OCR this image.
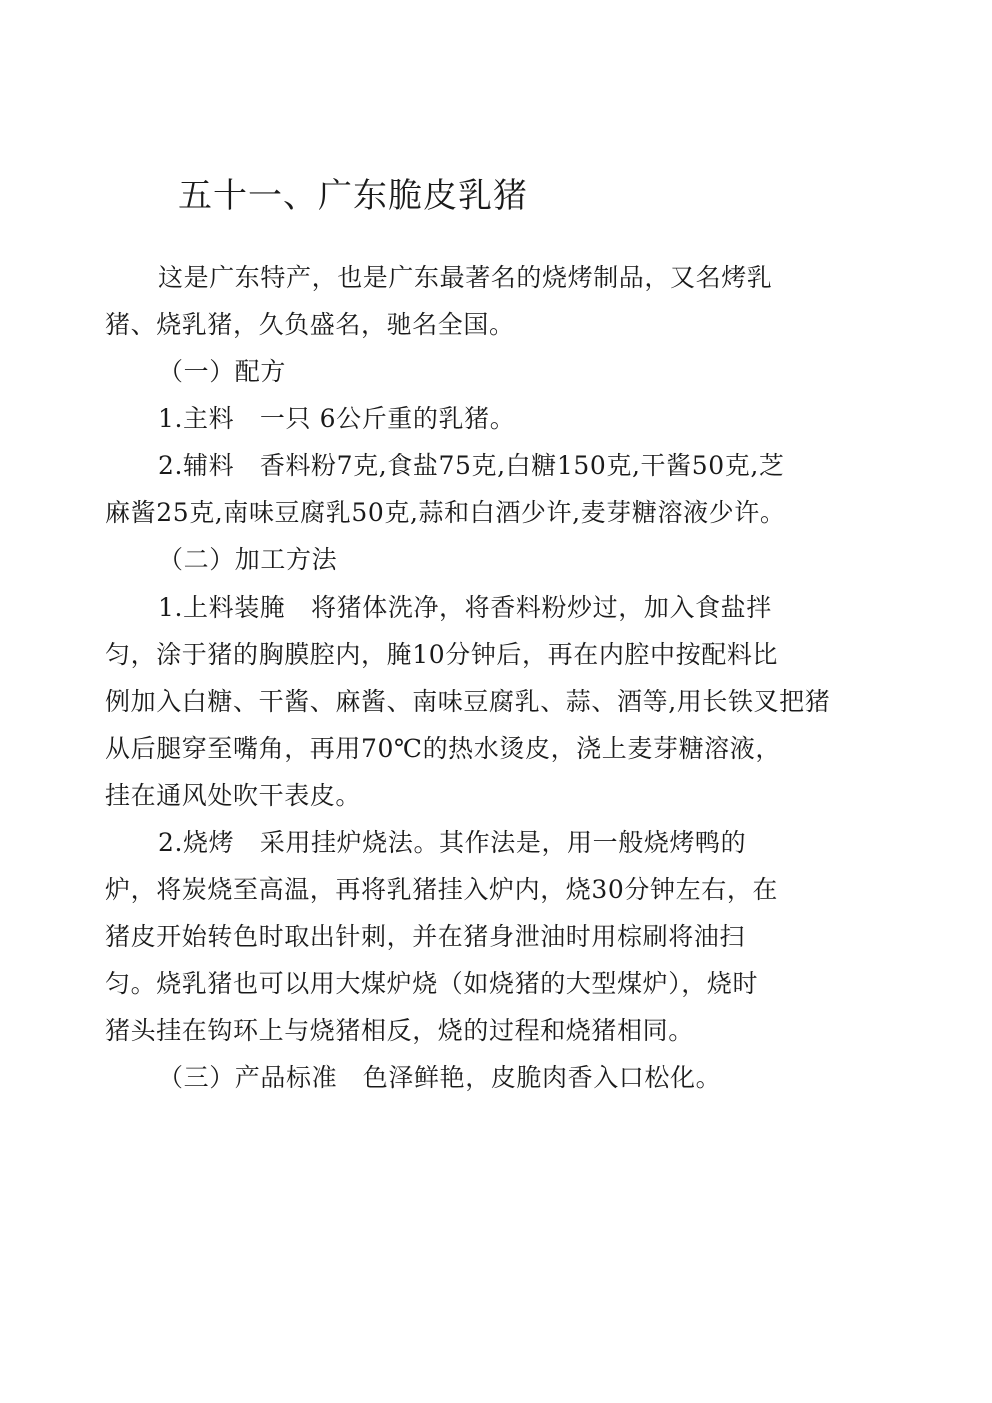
五十一、广东脆皮乳猪

这是广东特产，也是广东最著名的烧烤制品，又名烤乳

猪、烧乳猪，久负盛名，驰名全国。

（一）配方

1.主料　一只 6公斤重的乳猪。

2.辅料　香料粉7克,食盐75克,白糖150克,干酱50克,芝

麻酱25克,南味豆腐乳50克,蒜和白酒少许,麦芽糖溶液少许。

（二）加工方法

1.上料装腌　将猪体洗净，将香料粉炒过，加入食盐拌

匀，涂于猪的胸膜腔内，腌10分钟后，再在内腔中按配料比

例加入白糖、干酱、麻酱、南味豆腐乳、蒜、酒等,用长铁叉把猪

从后腿穿至嘴角，再用70℃的热水烫皮，浇上麦芽糖溶液，

挂在通风处吹干表皮。

2.烧烤　采用挂炉烧法。其作法是，用一般烧烤鸭的

炉，将炭烧至高温，再将乳猪挂入炉内，烧30分钟左右，在

猪皮开始转色时取出针刺，并在猪身泄油时用棕刷将油扫

匀。烧乳猪也可以用大煤炉烧（如烧猪的大型煤炉），烧时

猪头挂在钩环上与烧猪相反，烧的过程和烧猪相同。

（三）产品标准　色泽鲜艳，皮脆肉香入口松化。
